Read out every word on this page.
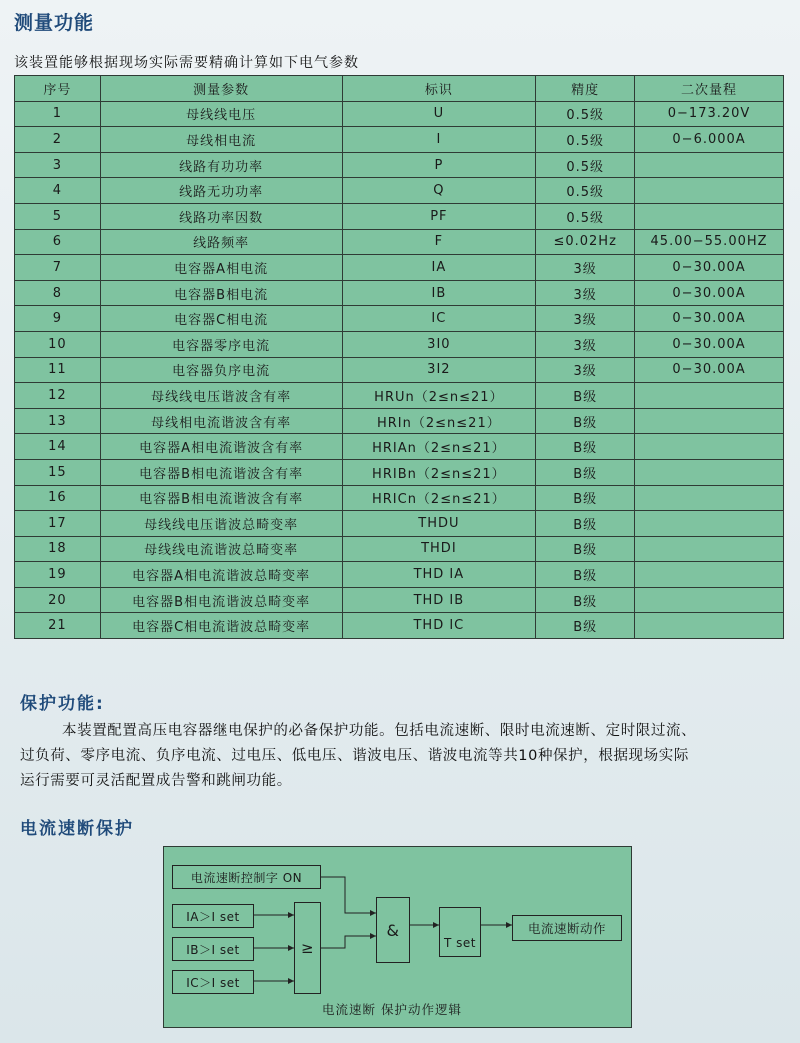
测量功能
该装置能够根据现场实际需要精确计算如下电气参数
序号	测量参数	标识	精度	二次量程
1	母线线电压	U	0.5级	0−173.20V
2	母线相电流	I	0.5级	0−6.000A
3	线路有功功率	P	0.5级	
4	线路无功功率	Q	0.5级	
5	线路功率因数	PF	0.5级	
6	线路频率	F	≤0.02Hz	45.00−55.00HZ
7	电容器A相电流	IA	3级	0−30.00A
8	电容器B相电流	IB	3级	0−30.00A
9	电容器C相电流	IC	3级	0−30.00A
10	电容器零序电流	3I0	3级	0−30.00A
11	电容器负序电流	3I2	3级	0−30.00A
12	母线线电压谐波含有率	HRUn（2≤n≤21）	B级	
13	母线相电流谐波含有率	HRIn（2≤n≤21）	B级	
14	电容器A相电流谐波含有率	HRIAn（2≤n≤21）	B级	
15	电容器B相电流谐波含有率	HRIBn（2≤n≤21）	B级	
16	电容器B相电流谐波含有率	HRICn（2≤n≤21）	B级	
17	母线线电压谐波总畸变率	THDU	B级	
18	母线线电流谐波总畸变率	THDI	B级	
19	电容器A相电流谐波总畸变率	THD IA	B级	
20	电容器B相电流谐波总畸变率	THD IB	B级	
21	电容器C相电流谐波总畸变率	THD IC	B级	
保护功能:
本装置配置高压电容器继电保护的必备保护功能。包括电流速断、限时电流速断、定时限过流、
过负荷、零序电流、负序电流、过电压、低电压、谐波电压、谐波电流等共10种保护，根据现场实际
运行需要可灵活配置成告警和跳闸功能。
电流速断保护
电流速断控制字 ON
IA＞I set
IB＞I set
IC＞I set
≥
&
T set
电流速断动作
电流速断 保护动作逻辑
